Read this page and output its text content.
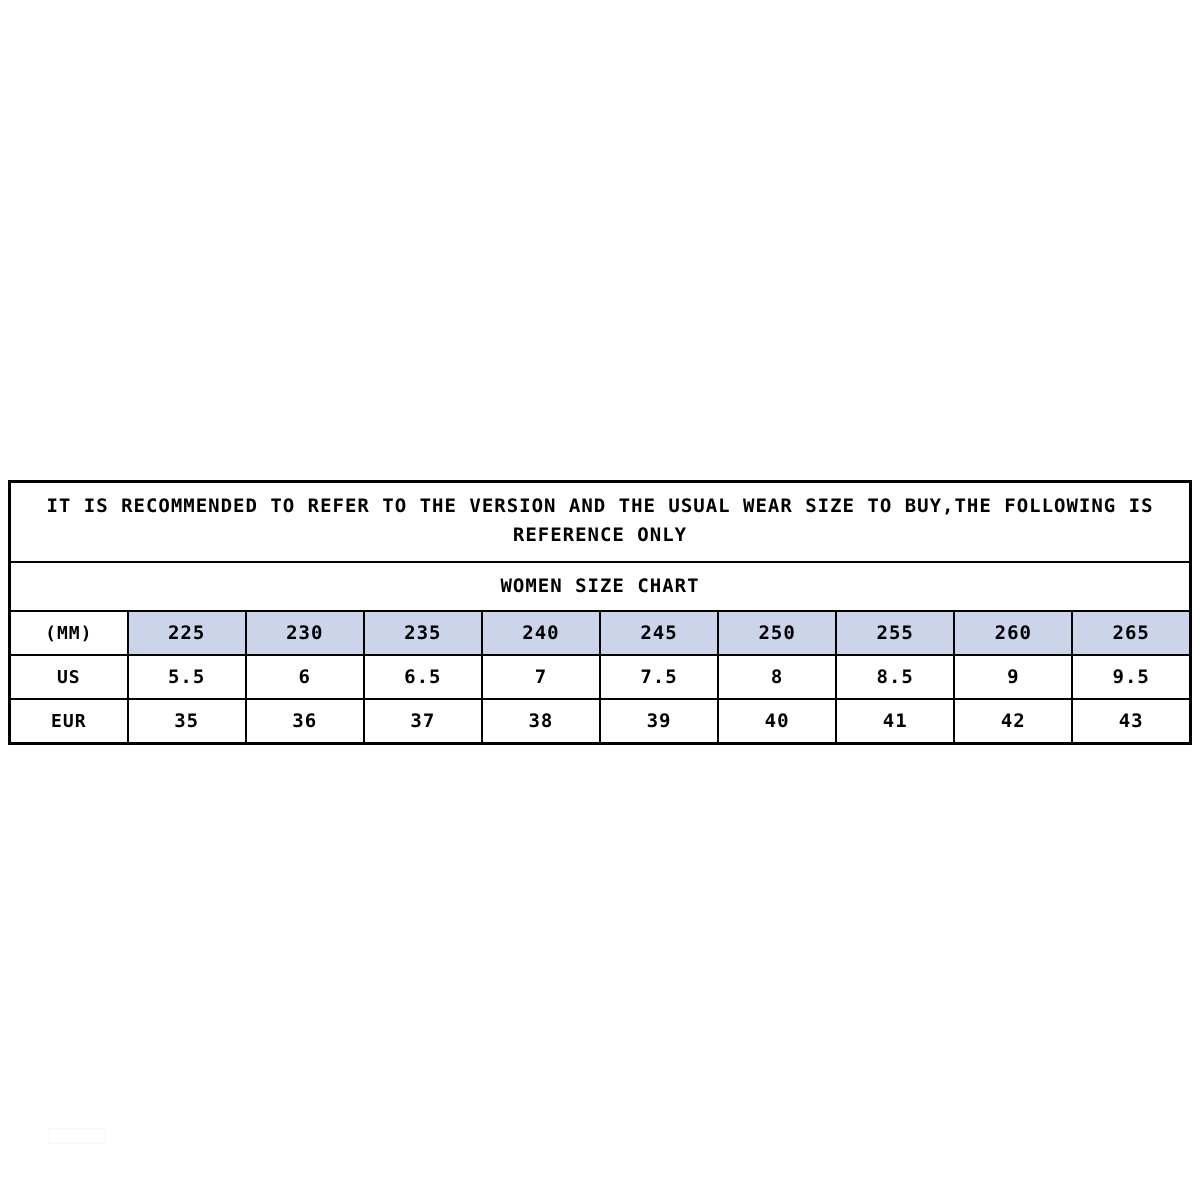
IT IS RECOMMENDED TO REFER TO THE VERSION AND THE USUAL WEAR SIZE TO BUY,THE FOLLOWING IS REFERENCE ONLY									
WOMEN SIZE CHART									
(MM)	225	230	235	240	245	250	255	260	265
US	5.5	6	6.5	7	7.5	8	8.5	9	9.5
EUR	35	36	37	38	39	40	41	42	43
